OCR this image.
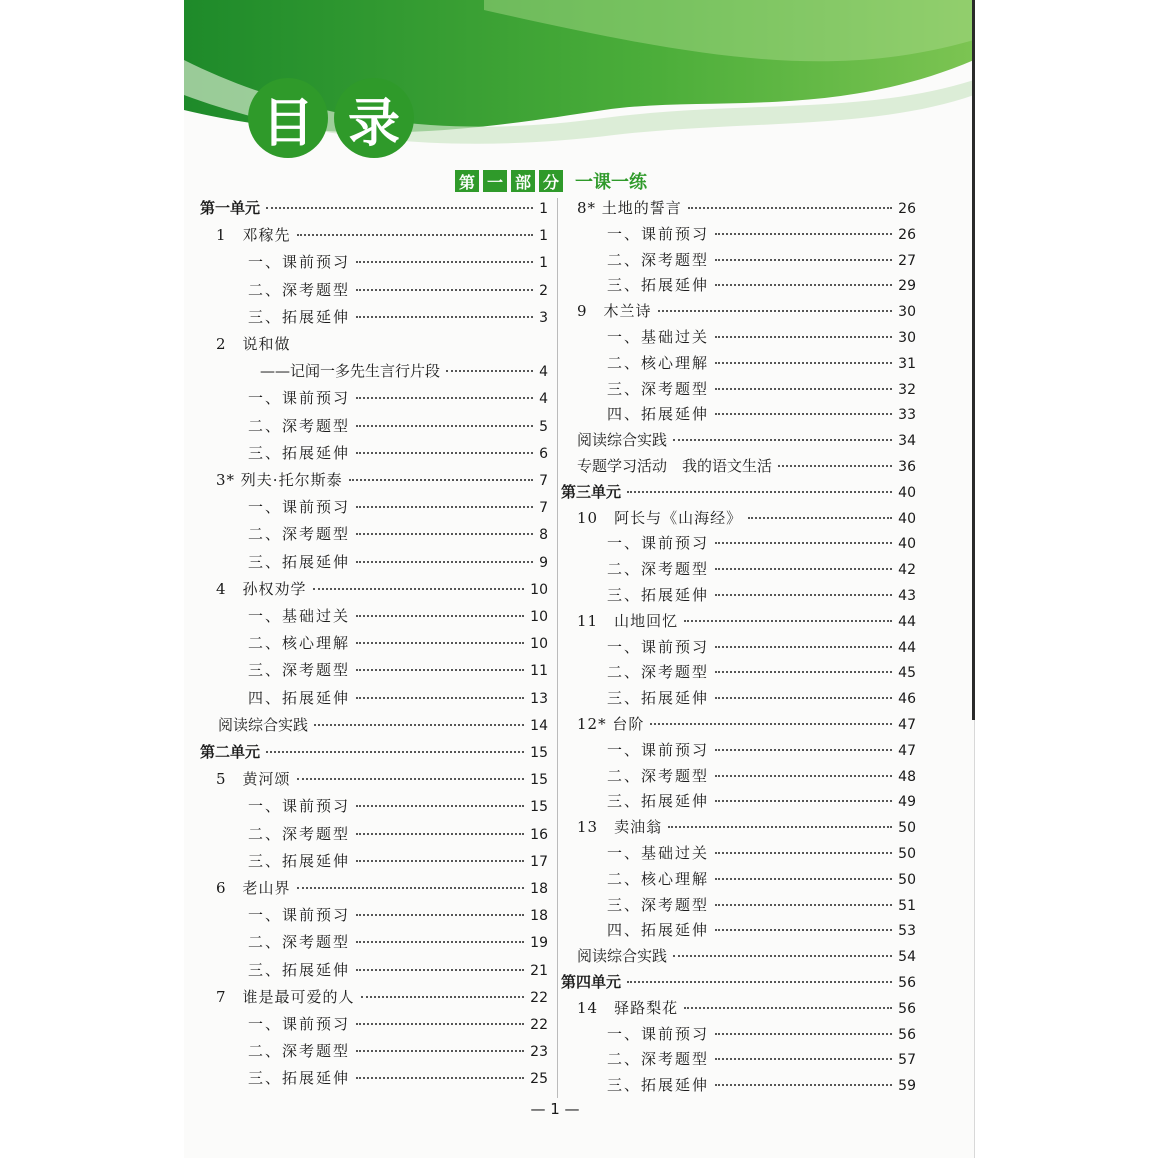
目 录
第 一 部 分 一课一练
第一单元	1
1　邓稼先	1
一、课前预习	1
二、深考题型	2
三、拓展延伸	3
2　说和做
——记闻一多先生言行片段	4
一、课前预习	4
二、深考题型	5
三、拓展延伸	6
3* 列夫·托尔斯泰	7
一、课前预习	7
二、深考题型	8
三、拓展延伸	9
4　孙权劝学	10
一、基础过关	10
二、核心理解	10
三、深考题型	11
四、拓展延伸	13
阅读综合实践	14
第二单元	15
5　黄河颂	15
一、课前预习	15
二、深考题型	16
三、拓展延伸	17
6　老山界	18
一、课前预习	18
二、深考题型	19
三、拓展延伸	21
7　谁是最可爱的人	22
一、课前预习	22
二、深考题型	23
三、拓展延伸	25
8* 土地的誓言	26
一、课前预习	26
二、深考题型	27
三、拓展延伸	29
9　木兰诗	30
一、基础过关	30
二、核心理解	31
三、深考题型	32
四、拓展延伸	33
阅读综合实践	34
专题学习活动　我的语文生活	36
第三单元	40
10　阿长与《山海经》	40
一、课前预习	40
二、深考题型	42
三、拓展延伸	43
11　山地回忆	44
一、课前预习	44
二、深考题型	45
三、拓展延伸	46
12* 台阶	47
一、课前预习	47
二、深考题型	48
三、拓展延伸	49
13　卖油翁	50
一、基础过关	50
二、核心理解	50
三、深考题型	51
四、拓展延伸	53
阅读综合实践	54
第四单元	56
14　驿路梨花	56
一、课前预习	56
二、深考题型	57
三、拓展延伸	59
— 1 —
